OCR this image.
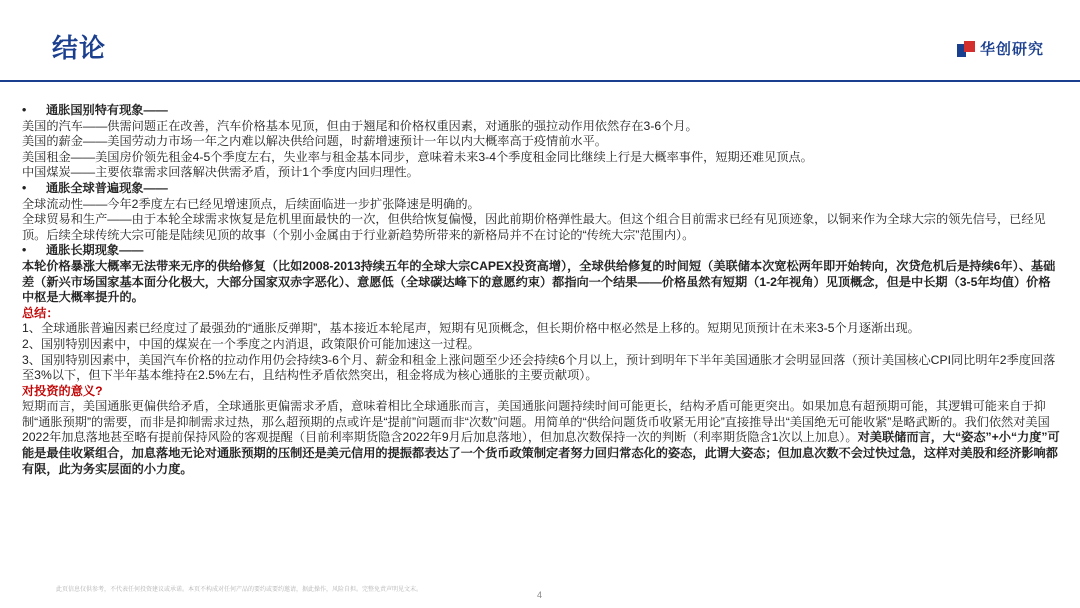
结论	华创研究

• 通胀国别特有现象——

美国的汽车——供需问题正在改善，汽车价格基本见顶，但由于翘尾和价格权重因素，对通胀的强拉动作用依然存在3-6个月。

美国的薪金——美国劳动力市场一年之内难以解决供给问题，时薪增速预计一年以内大概率高于疫情前水平。

美国租金——美国房价领先租金4-5个季度左右，失业率与租金基本同步，意味着未来3-4个季度租金同比继续上行是大概率事件，短期还难见顶点。

中国煤炭——主要依靠需求回落解决供需矛盾，预计1个季度内回归理性。

• 通胀全球普遍现象——

全球流动性——今年2季度左右已经见增速顶点，后续面临进一步扩张降速是明确的。

全球贸易和生产——由于本轮全球需求恢复是危机里面最快的一次，但供给恢复偏慢，因此前期价格弹性最大。但这个组合目前需求已经有见顶迹象，以铜来作为全球大宗的领先信号，已经见顶。后续全球传统大宗可能是陆续见顶的故事（个别小金属由于行业新趋势所带来的新格局并不在讨论的“传统大宗”范围内）。

• 通胀长期现象——

本轮价格暴涨大概率无法带来无序的供给修复（比如2008-2013持续五年的全球大宗CAPEX投资高增），全球供给修复的时间短（美联储本次宽松两年即开始转向，次贷危机后是持续6年）、基础差（新兴市场国家基本面分化极大，大部分国家双赤字恶化）、意愿低（全球碳达峰下的意愿约束）都指向一个结果——价格虽然有短期（1-2年视角）见顶概念，但是中长期（3-5年均值）价格中枢是大概率提升的。

总结：

1、全球通胀普遍因素已经度过了最强劲的“通胀反弹期”，基本接近本轮尾声，短期有见顶概念，但长期价格中枢必然是上移的。短期见顶预计在未来3-5个月逐渐出现。

2、国别特别因素中，中国的煤炭在一个季度之内消退，政策限价可能加速这一过程。

3、国别特别因素中，美国汽车价格的拉动作用仍会持续3-6个月、薪金和租金上涨问题至少还会持续6个月以上，预计到明年下半年美国通胀才会明显回落（预计美国核心CPI同比明年2季度回落至3%以下，但下半年基本维持在2.5%左右，且结构性矛盾依然突出，租金将成为核心通胀的主要贡献项）。

对投资的意义?

短期而言，美国通胀更偏供给矛盾，全球通胀更偏需求矛盾，意味着相比全球通胀而言，美国通胀问题持续时间可能更长，结构矛盾可能更突出。如果加息有超预期可能，其逻辑可能来自于抑制“通胀预期”的需要，而非是抑制需求过热，那么超预期的点或许是“提前”问题而非“次数”问题。用简单的“供给问题货币收紧无用论”直接推导出“美国绝无可能收紧”是略武断的。我们依然对美国2022年加息落地甚至略有提前保持风险的客观提醒（目前利率期货隐含2022年9月后加息落地），但加息次数保持一次的判断（利率期货隐含1次以上加息）。对美联储而言，大“姿态”+小“力度”可能是最佳收紧组合，加息落地无论对通胀预期的压制还是美元信用的提振都表达了一个货币政策制定者努力回归常态化的姿态，此谓大姿态；但加息次数不会过快过急，这样对美股和经济影响都有限，此为务实层面的小力度。

此页信息仅供参考，不代表任何投资建议或承诺。本页不构成对任何产品的要约或要约邀请，据此操作，风险自担。完整免责声明见文末。	4
